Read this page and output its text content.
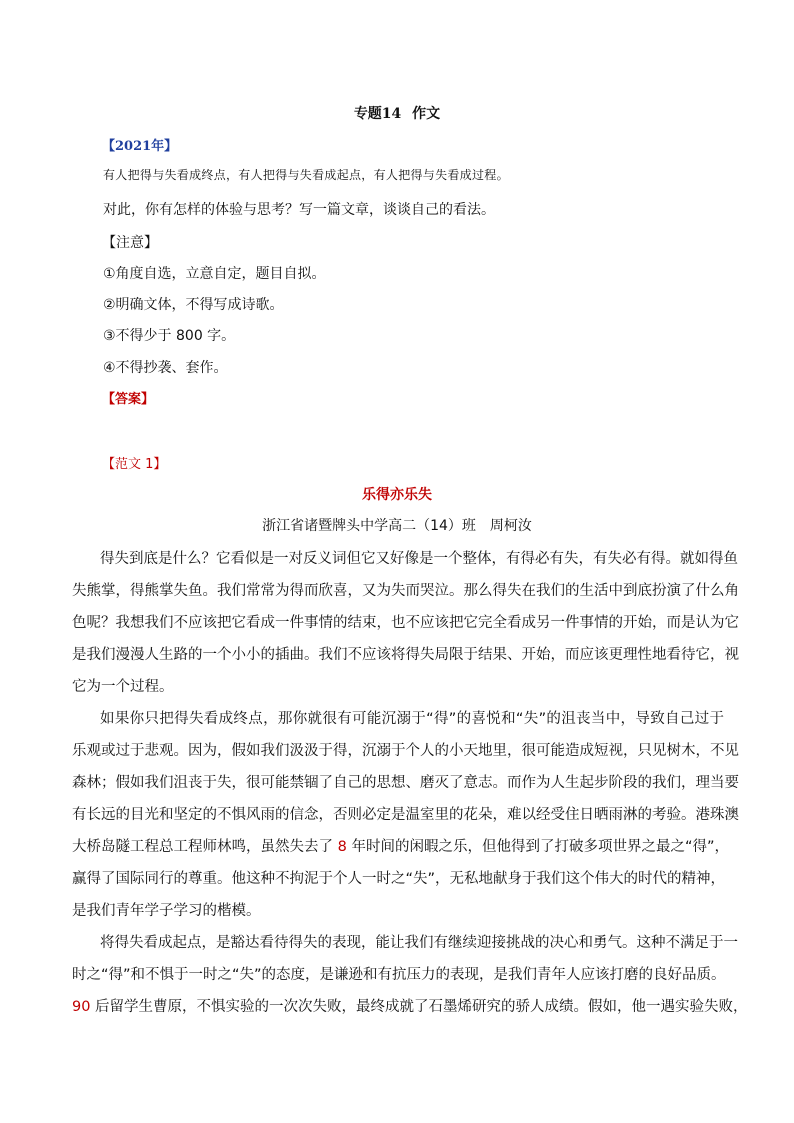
专题14 作文
【2021年】
有人把得与失看成终点，有人把得与失看成起点，有人把得与失看成过程。
对此，你有怎样的体验与思考？写一篇文章，谈谈自己的看法。
【注意】
①角度自选，立意自定，题目自拟。
②明确文体，不得写成诗歌。
③不得少于 800 字。
④不得抄袭、套作。
【答案】
【范文 1】
乐得亦乐失
浙江省诸暨牌头中学高二（14）班　周柯汝
得失到底是什么？它看似是一对反义词但它又好像是一个整体，有得必有失，有失必有得。就如得鱼
失熊掌，得熊掌失鱼。我们常常为得而欣喜，又为失而哭泣。那么得失在我们的生活中到底扮演了什么角
色呢？我想我们不应该把它看成一件事情的结束，也不应该把它完全看成另一件事情的开始，而是认为它
是我们漫漫人生路的一个小小的插曲。我们不应该将得失局限于结果、开始，而应该更理性地看待它，视
它为一个过程。
如果你只把得失看成终点，那你就很有可能沉溺于“得”的喜悦和“失”的沮丧当中，导致自己过于
乐观或过于悲观。因为，假如我们汲汲于得，沉溺于个人的小天地里，很可能造成短视，只见树木，不见
森林；假如我们沮丧于失，很可能禁锢了自己的思想、磨灭了意志。而作为人生起步阶段的我们，理当要
有长远的目光和坚定的不惧风雨的信念，否则必定是温室里的花朵，难以经受住日晒雨淋的考验。港珠澳
大桥岛隧工程总工程师林鸣，虽然失去了 8 年时间的闲暇之乐，但他得到了打破多项世界之最之“得”，
赢得了国际同行的尊重。他这种不拘泥于个人一时之“失”，无私地献身于我们这个伟大的时代的精神，
是我们青年学子学习的楷模。
将得失看成起点，是豁达看待得失的表现，能让我们有继续迎接挑战的决心和勇气。这种不满足于一
时之“得”和不惧于一时之“失”的态度，是谦逊和有抗压力的表现，是我们青年人应该打磨的良好品质。
90 后留学生曹原，不惧实验的一次次失败，最终成就了石墨烯研究的骄人成绩。假如，他一遇实验失败，
